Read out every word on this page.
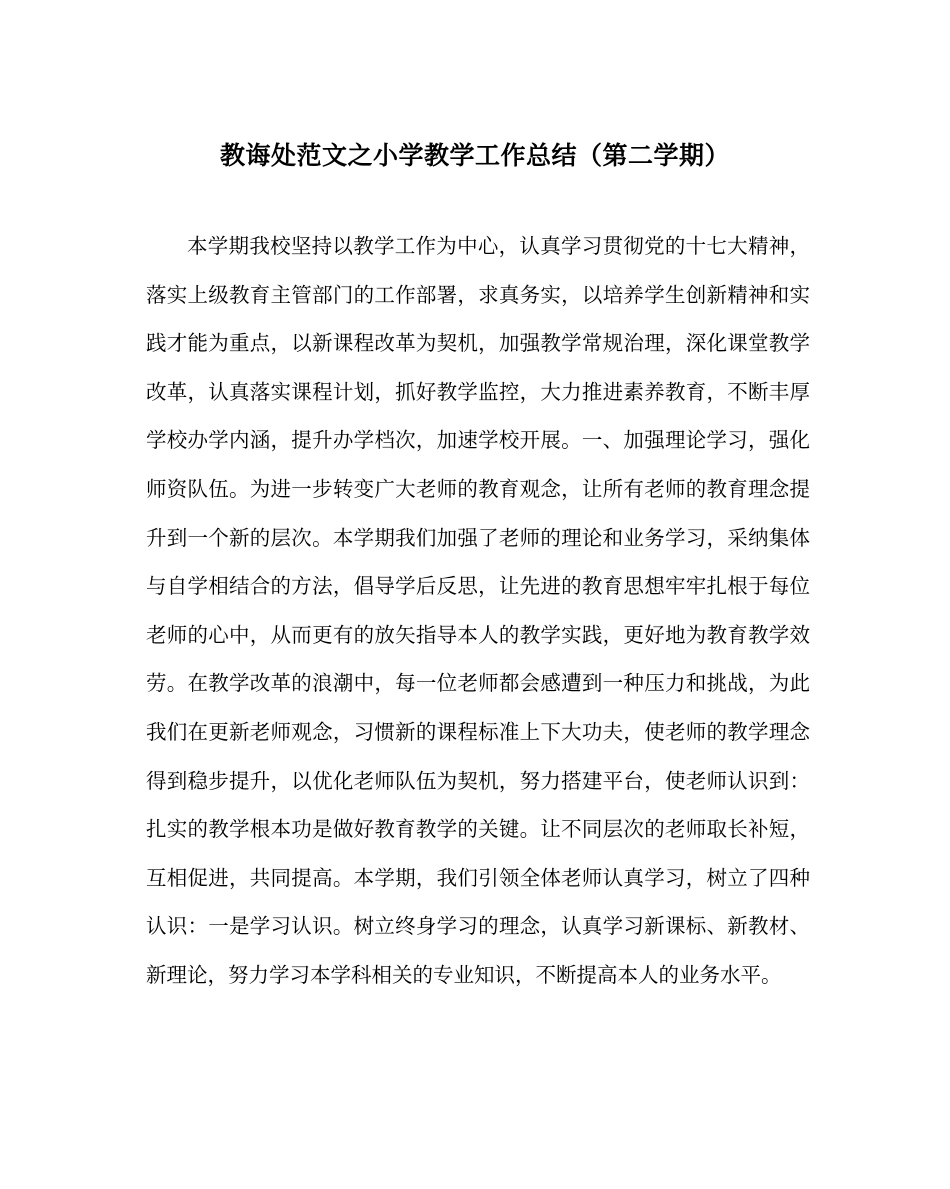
教诲处范文之小学教学工作总结（第二学期）

本学期我校坚持以教学工作为中心，认真学习贯彻党的十七大精神，落实上级教育主管部门的工作部署，求真务实，以培养学生创新精神和实践才能为重点，以新课程改革为契机，加强教学常规治理，深化课堂教学改革，认真落实课程计划，抓好教学监控，大力推进素养教育，不断丰厚学校办学内涵，提升办学档次，加速学校开展。一、加强理论学习，强化师资队伍。为进一步转变广大老师的教育观念，让所有老师的教育理念提升到一个新的层次。本学期我们加强了老师的理论和业务学习，采纳集体与自学相结合的方法，倡导学后反思，让先进的教育思想牢牢扎根于每位老师的心中，从而更有的放矢指导本人的教学实践，更好地为教育教学效劳。在教学改革的浪潮中，每一位老师都会感遭到一种压力和挑战，为此我们在更新老师观念，习惯新的课程标准上下大功夫，使老师的教学理念得到稳步提升，以优化老师队伍为契机，努力搭建平台，使老师认识到：扎实的教学根本功是做好教育教学的关键。让不同层次的老师取长补短，互相促进，共同提高。本学期，我们引领全体老师认真学习，树立了四种认识：一是学习认识。树立终身学习的理念，认真学习新课标、新教材、新理论，努力学习本学科相关的专业知识，不断提高本人的业务水平。
